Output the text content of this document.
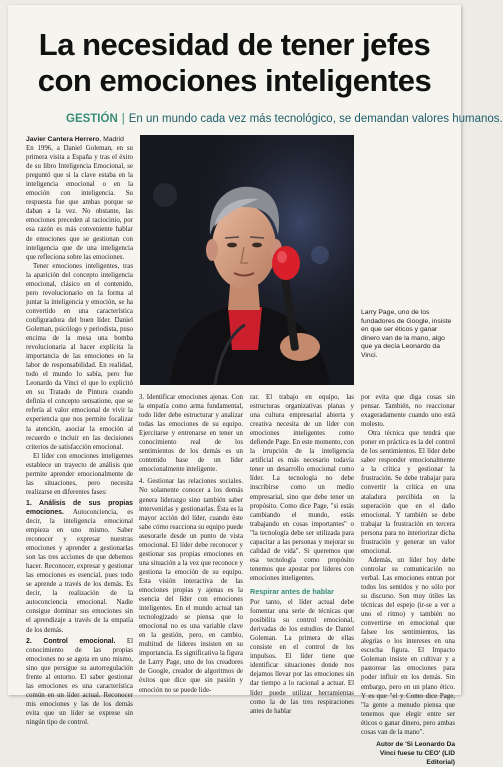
La necesidad de tener jefes
con emociones inteligentes
GESTIÓN | En un mundo cada vez más tecnológico, se demandan valores humanos.

Javier Cantera Herrero, Madrid

En 1996, a Daniel Goleman, en su primera visita a España y tras el éxito de su libro Inteligencia Emocional, se preguntó que si la clave estaba en la inteligencia emocional o en la emoción con inteligencia. Su respuesta fue que ambas porque se daban a la vez. No obstante, las emociones preceden al raciocinio, por esa razón es más conveniente hablar de emociones que se gestionan con inteligencia que de una inteligencia que refleciona sobre las emociones.

Tener emociones inteligentes, tras la aparición del concepto inteligencia emocional, clásico en el contenido, pero revolucionario en la forma al juntar la inteligencia y emoción, se ha convertido en una característica configuradora del buen líder. Daniel Goleman, psicólogo y periodista, puso encima de la mesa una bomba revolucionaria al hacer explícita la importancia de las emociones en la labor de responsabilidad. En realidad, todo el mundo lo sabía, pero fue Leonardo da Vinci el que lo explicitó en su Tratado de Pintura cuando definía el concepto sensatione, que se refería al valor emocional de vivir la experiencia que nos permite focalizar la atención, asociar la emoción al recuerdo e incluir en las decisiones criterios de satisfacción emocional.

El líder con emociones inteligentes establece un trayecto de análisis que permite aprender emocionalmente de las situaciones, pero necesita realizarse en diferentes fases:

1. Análisis de sus propias emociones. Autoconciencia, es decir, la inteligencia emocional empieza en uno mismo. Saber reconocer y expresar nuestras emociones y aprender a gestionarlas son las tres acciones de que debemos hacer. Reconocer, expresar y gestionar las emociones es esencial, pues todo se aprende a través de los demás. Es decir, la realización de la autoconciencia emocional. Nadie consigue dominar sus emociones sin el aprendizaje a través de la empatía de los demás.

2. Control emocional. El conocimiento de las propias emociones no se agota en uno mismo, sino que persigue su autorregulación frente al entorno. El saber gestionar las emociones es una característica común en un líder actual. Reconocer mis emociones y las de los demás evita que un líder se exprese sin ningún tipo de control.

Larry Page, uno de los fundadores de Google, insiste en que ser éticos y ganar dinero van de la mano, algo que ya decía Leonardo da Vinci.

3. Identificar emociones ajenas. Con la empatía como arma fundamental, todo líder debe estructurar y analizar todas las emociones de su equipo. Ejercitarse y entrenarse en tener un conocimiento real de los sentimientos de los demás es un contenido base de un líder emocionalmente inteligente.

4. Gestionar las relaciones sociales. No solamente conocer a los demás genera liderazgo sino también saber intervenirlas y gestionarlas. Ésta es la mayor acción del líder, cuando éste sabe cómo reacciona su equipo puede asesorarle desde un punto de vista emocional. El líder debe reconocer y gestionar sus propias emociones en una situación a la vez que reconoce y gestiona la emoción de su equipo. Esta visión interactiva de las emociones propias y ajenas es la esencia del líder con emociones inteligentes. En el mundo actual tan tecnologizado se piensa que lo emocional no es una variable clave en la gestión, pero, en cambio, multitud de líderes insisten en su importancia. Es significativa la figura de Larry Page, uno de los creadores de Google, creador de algoritmos de éxitos que dice que sin pasión y emoción no se puede lide-

rar. El trabajo en equipo, las estructuras organizativas planas y una cultura empresarial abierta y creativa necesita de un líder con emociones inteligentes como defiende Page. En este momento, con la irrupción de la inteligencia artificial es más necesario todavía tener un desarrollo emocional como líder. La tecnología no debe inscribirse como un medio empresarial, sino que debe tener un propósito. Como dice Page, "si estás cambiando el mundo, estás trabajando en cosas importantes" o "la tecnología debe ser utilizada para capacitar a las personas y mejorar su calidad de vida". Si queremos que esa tecnología como propósito tenemos que apostar por líderes con emociones inteligentes.

Respirar antes de hablar

Por tanto, el líder actual debe fomentar una serie de técnicas que posibilita su control emocional, derivadas de los estudios de Daniel Goleman. La primera de ellas consiste en el control de los impulsos. El líder tiene que identificar situaciones donde nos dejamos llevar por las emociones sin dar tiempo a lo racional a actuar. El líder puede utilizar herramientas como la de las tres respiraciones antes de hablar

por evita que diga cosas sin pensar. También, no reaccionar exageradamente cuando uno está molesto.

Otra técnica que tendrá que poner en práctica es la del control de los sentimientos. El líder debe saber responder emocionalmente a la crítica y gestionar la frustración. Se debe trabajar para convertir la crítica en una ataladura percibida en la superación que en el daño emocional. Y también se debe trabajar la frustración en tercera persona para no interiorizar dicha frustración y generar un valor emocional.

Además, un líder hoy debe controlar su comunicación no verbal. Las emociones entran por todos los sentidos y no sólo por su discurso. Son muy útiles las técnicas del espejo (ir-se a ver a uno el ritmo) y también no convertirse en emocional que falsee los sentimientos, las alegrías o los intereses en una escucha figura. El Impacto Goleman insiste en cultivar y a pastorear las emociones para poder influir en los demás. Sin embargo, pero en un plano ético. Y es que "el y Como dice Page, "la gente a menudo piensa que tenemos que elegir entre ser éticos o ganar dinero, pero ambas cosas van de la mano".

Autor de 'Si Leonardo Da Vinci fuese tu CEO' (LID Editorial)
